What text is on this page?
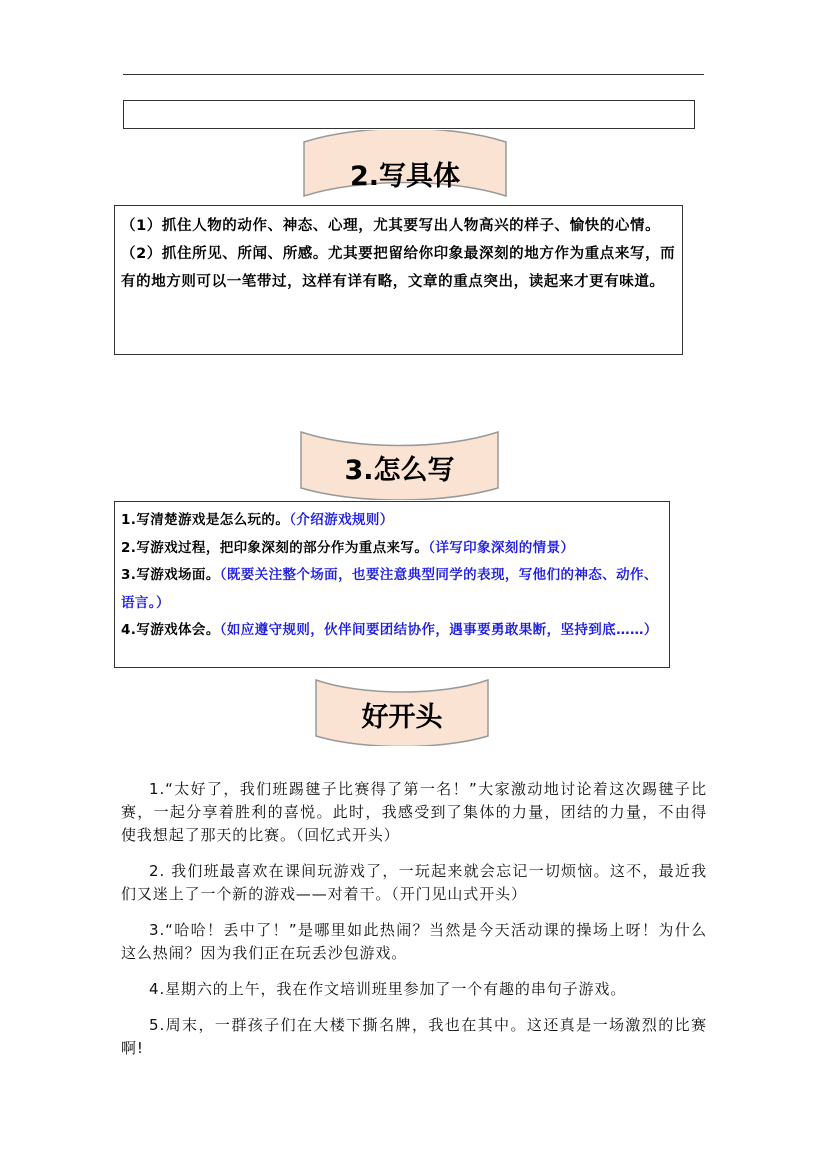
2.写具体
（1）抓住人物的动作、神态、心理，尤其要写出人物高兴的样子、愉快的心情。
（2）抓住所见、所闻、所感。尤其要把留给你印象最深刻的地方作为重点来写，而有的地方则可以一笔带过，这样有详有略，文章的重点突出，读起来才更有味道。
3.怎么写
1.写清楚游戏是怎么玩的。（介绍游戏规则）
2.写游戏过程，把印象深刻的部分作为重点来写。（详写印象深刻的情景）
3.写游戏场面。（既要关注整个场面，也要注意典型同学的表现，写他们的神态、动作、语言。）
4.写游戏体会。（如应遵守规则，伙伴间要团结协作，遇事要勇敢果断，坚持到底……）
好开头

1.“太好了，我们班踢毽子比赛得了第一名！”大家激动地讨论着这次踢毽子比赛，一起分享着胜利的喜悦。此时，我感受到了集体的力量，团结的力量，不由得使我想起了那天的比赛。（回忆式开头）

2. 我们班最喜欢在课间玩游戏了，一玩起来就会忘记一切烦恼。这不，最近我们又迷上了一个新的游戏——对着干。（开门见山式开头）

3.“哈哈！丢中了！”是哪里如此热闹？当然是今天活动课的操场上呀！为什么这么热闹？因为我们正在玩丢沙包游戏。

4.星期六的上午，我在作文培训班里参加了一个有趣的串句子游戏。

5.周末，一群孩子们在大楼下撕名牌，我也在其中。这还真是一场激烈的比赛啊!
